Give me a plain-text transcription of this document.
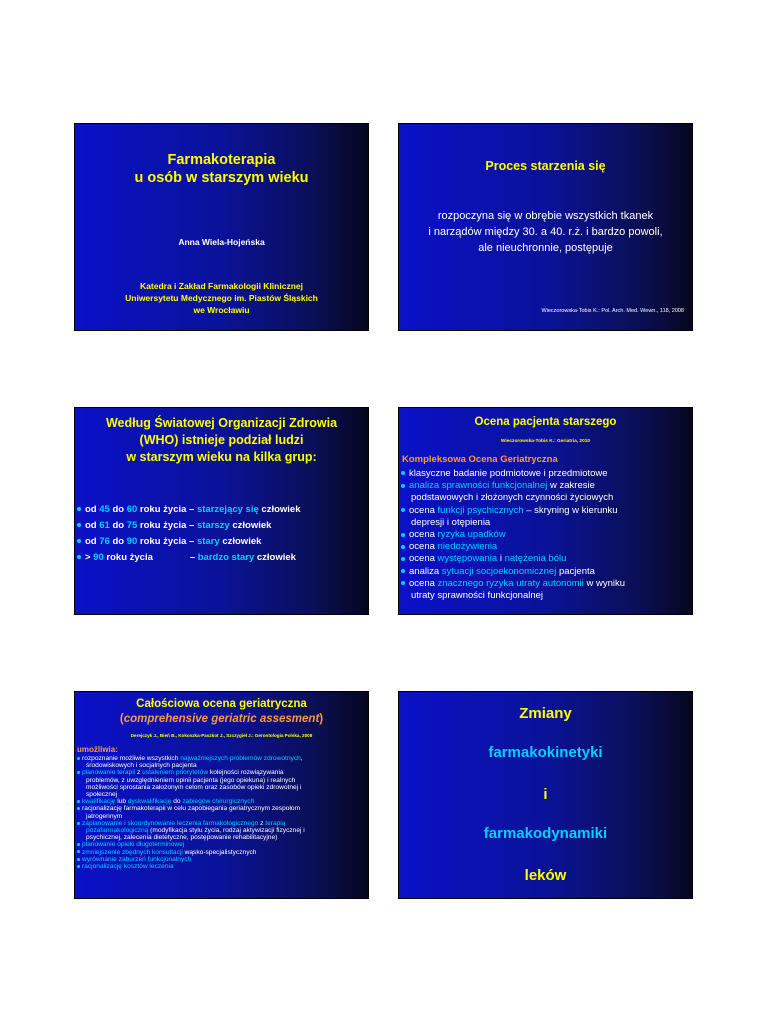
Farmakoterapia
u osób w starszym wieku
Anna Wiela-Hojeńska
Katedra i Zakład Farmakologii Klinicznej
Uniwersytetu Medycznego im. Piastów Śląskich
we Wrocławiu
Proces starzenia się
rozpoczyna się w obrębie wszystkich tkanek
i narządów między 30. a 40. r.ż. i bardzo powoli,
ale nieuchronnie, postępuje
Wieczorowska-Tobis K.: Pol. Arch. Med. Wewn., 118, 2008
Według Światowej Organizacji Zdrowia
(WHO) istnieje podział ludzi
w starszym wieku na kilka grup:
od 45 do 60 roku życia – starzejący się człowiek
od 61 do 75 roku życia – starszy człowiek
od 76 do 90 roku życia – stary człowiek
> 90 roku życia              – bardzo stary człowiek
Ocena pacjenta starszego
Wieczorowska-Tobis K.: Geriatria, 2010
Kompleksowa Ocena Geriatryczna
klasyczne badanie podmiotowe i przedmiotowe
analiza sprawności funkcjonalnej w zakresie
podstawowych i złożonych czynności życiowych
ocena funkcji psychicznych – skryning w kierunku
depresji i otępienia
ocena ryzyka upadków
ocena niedożywienia
ocena występowania i natężenia bólu
analiza sytuacji socjoekonomicznej pacjenta
ocena znacznego ryzyka utraty autonomii w wyniku
utraty sprawności funkcjonalnej
Całościowa ocena geriatryczna
(comprehensive geriatric assesment)
Derejczyk J., Bień B., Kokoszka-Paszkot J., Szczygieł J.: Gerontologia Polska, 2008
umożliwia:
rozpoznanie możliwie wszystkich najważniejszych problemów zdrowotnych,
środowiskowych i socjalnych pacjenta
planowanie terapii z ustaleniem priorytetów kolejności rozwiązywania
problemów, z uwzględnieniem opinii pacjenta (jego opiekuna) i realnych
możliwości sprostania założonym celom oraz zasobów opieki zdrowotnej i
społecznej
kwalifikację lub dyskwalifikację do zabiegów chirurgicznych
racjonalizację farmakoterapii w celu zapobiegania geriatrycznym zespołom
jatrogennym
zaplanowanie i skoordynowanie leczenia farmakologicznego z terapią
pozafarmakologiczną (modyfikacja stylu życia, rodzaj aktywizacji fizycznej i
psychicznej, zalecenia dietetyczne, postępowanie rehabilitacyjne)
planowanie opieki długoterminowej
zmniejszenie zbędnych konsultacji wąsko-specjalistycznych
wyrównanie zaburzeń funkcjonalnych
racjonalizację kosztów leczenia
Zmiany
farmakokinetyki
i
farmakodynamiki
leków
